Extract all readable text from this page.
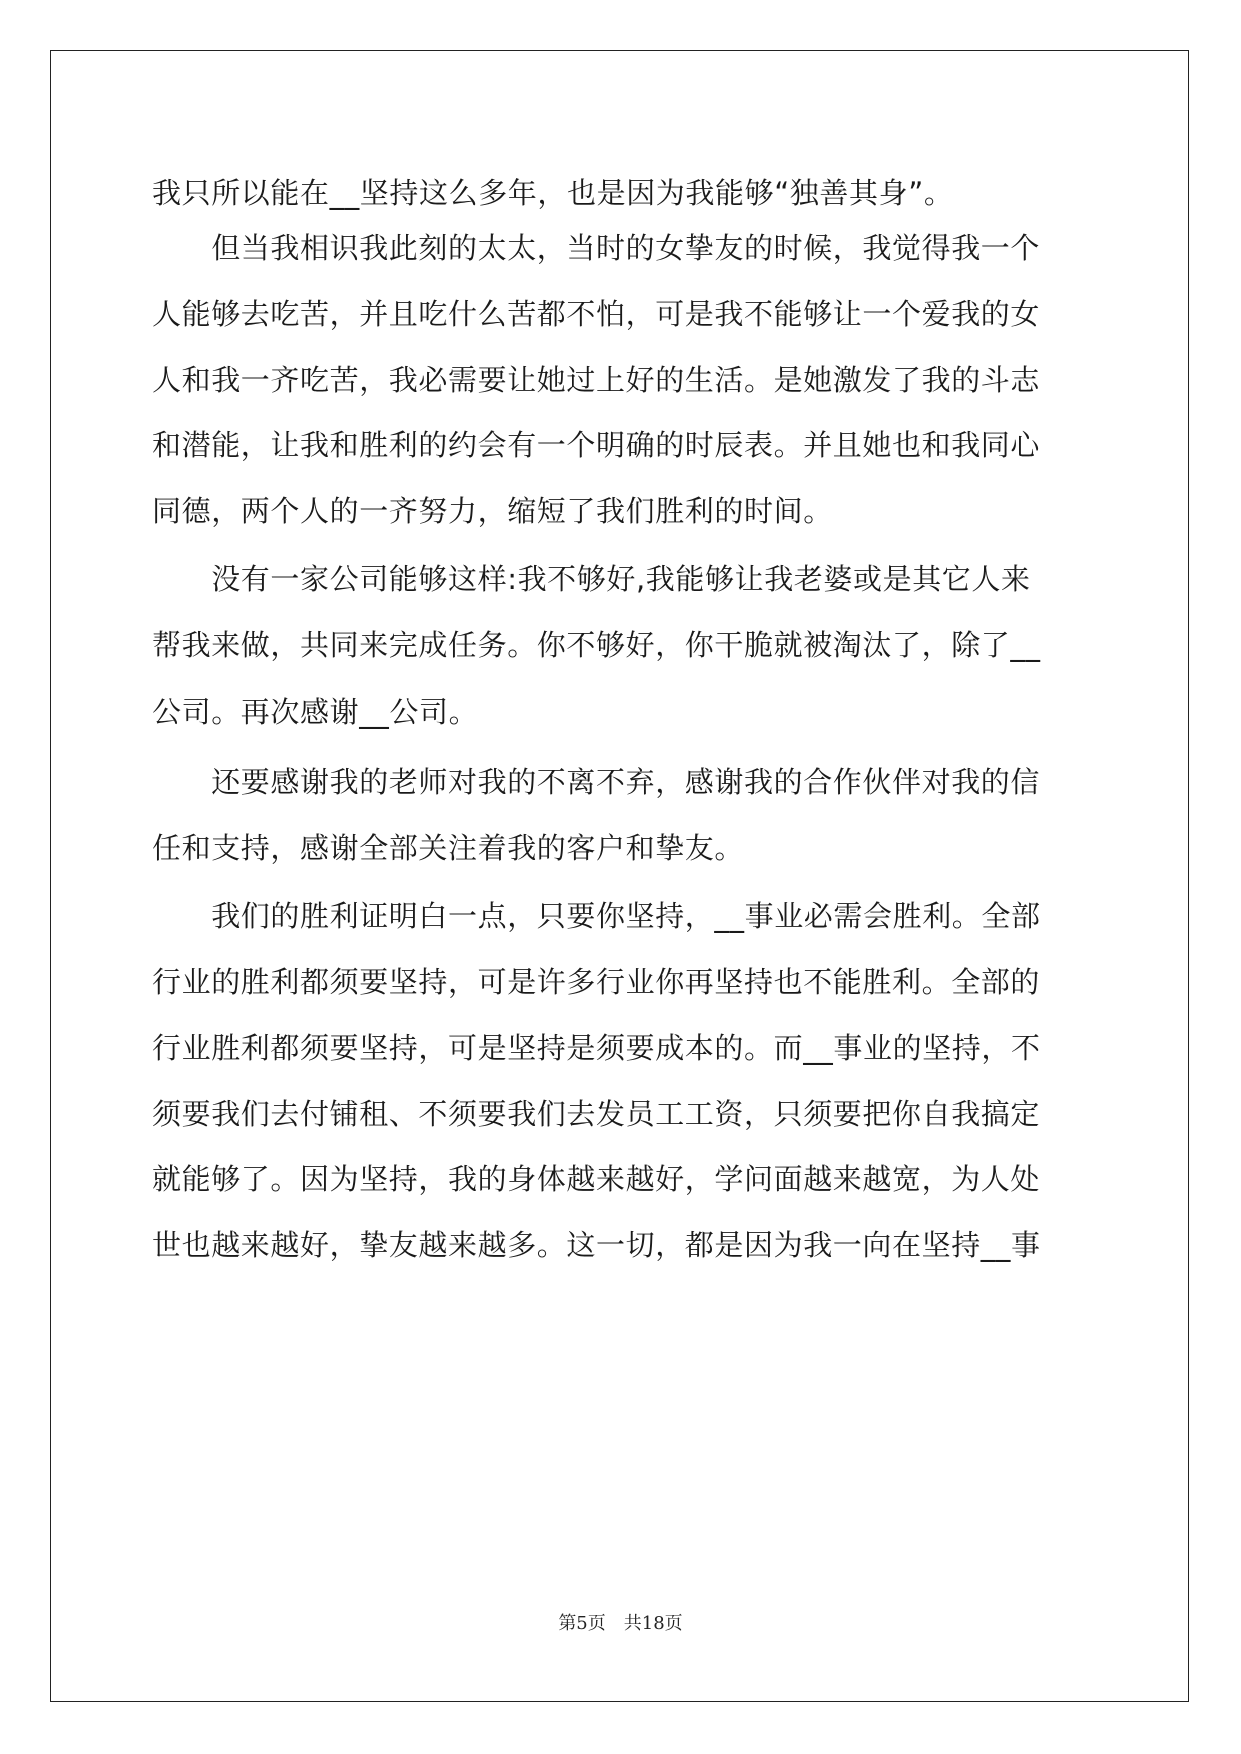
我只所以能在__坚持这么多年，也是因为我能够“独善其身”。
　　但当我相识我此刻的太太，当时的女挚友的时候，我觉得我一个
人能够去吃苦，并且吃什么苦都不怕，可是我不能够让一个爱我的女
人和我一齐吃苦，我必需要让她过上好的生活。是她激发了我的斗志
和潜能，让我和胜利的约会有一个明确的时辰表。并且她也和我同心
同德，两个人的一齐努力，缩短了我们胜利的时间。
　　没有一家公司能够这样:我不够好,我能够让我老婆或是其它人来
帮我来做，共同来完成任务。你不够好，你干脆就被淘汰了，除了__
公司。再次感谢__公司。
　　还要感谢我的老师对我的不离不弃，感谢我的合作伙伴对我的信
任和支持，感谢全部关注着我的客户和挚友。
　　我们的胜利证明白一点，只要你坚持，__事业必需会胜利。全部
行业的胜利都须要坚持，可是许多行业你再坚持也不能胜利。全部的
行业胜利都须要坚持，可是坚持是须要成本的。而__事业的坚持，不
须要我们去付铺租、不须要我们去发员工工资，只须要把你自我搞定
就能够了。因为坚持，我的身体越来越好，学问面越来越宽，为人处
世也越来越好，挚友越来越多。这一切，都是因为我一向在坚持__事
第5页　共18页
